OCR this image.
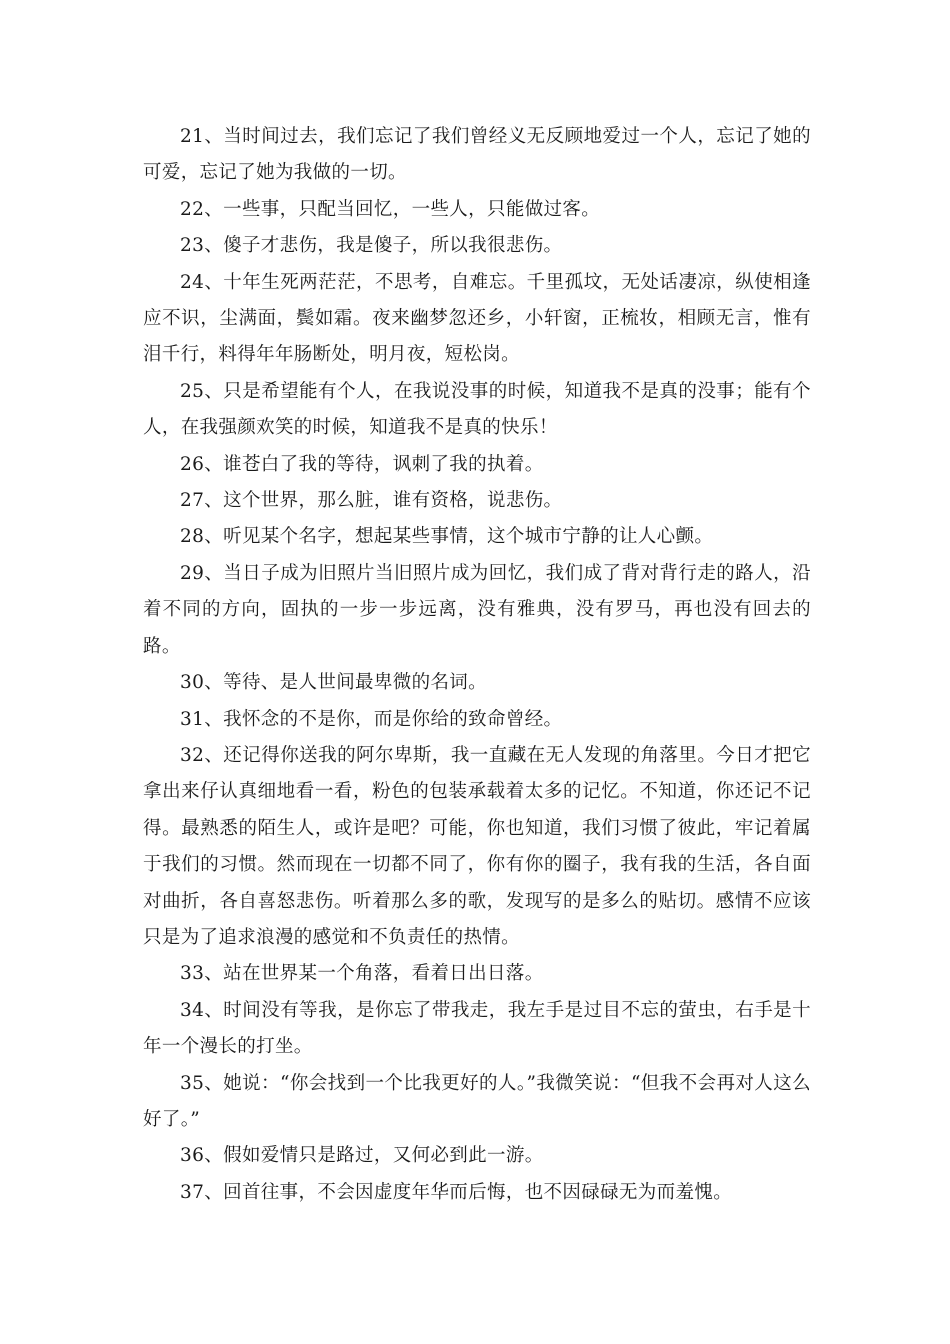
21、当时间过去，我们忘记了我们曾经义无反顾地爱过一个人，忘记了她的可爱，忘记了她为我做的一切。

22、一些事，只配当回忆，一些人，只能做过客。

23、傻子才悲伤，我是傻子，所以我很悲伤。

24、十年生死两茫茫，不思考，自难忘。千里孤坟，无处话凄凉，纵使相逢应不识，尘满面，鬓如霜。夜来幽梦忽还乡，小轩窗，正梳妆，相顾无言，惟有泪千行，料得年年肠断处，明月夜，短松岗。

25、只是希望能有个人，在我说没事的时候，知道我不是真的没事；能有个人，在我强颜欢笑的时候，知道我不是真的快乐！

26、谁苍白了我的等待，讽刺了我的执着。

27、这个世界，那么脏，谁有资格，说悲伤。

28、听见某个名字，想起某些事情，这个城市宁静的让人心颤。

29、当日子成为旧照片当旧照片成为回忆，我们成了背对背行走的路人，沿着不同的方向，固执的一步一步远离，没有雅典，没有罗马，再也没有回去的路。

30、等待、是人世间最卑微的名词。

31、我怀念的不是你，而是你给的致命曾经。

32、还记得你送我的阿尔卑斯，我一直藏在无人发现的角落里。今日才把它拿出来仔认真细地看一看，粉色的包装承载着太多的记忆。不知道，你还记不记得。最熟悉的陌生人，或许是吧？可能，你也知道，我们习惯了彼此，牢记着属于我们的习惯。然而现在一切都不同了，你有你的圈子，我有我的生活，各自面对曲折，各自喜怒悲伤。听着那么多的歌，发现写的是多么的贴切。感情不应该只是为了追求浪漫的感觉和不负责任的热情。

33、站在世界某一个角落，看着日出日落。

34、时间没有等我，是你忘了带我走，我左手是过目不忘的萤虫，右手是十年一个漫长的打坐。

35、她说：“你会找到一个比我更好的人。”我微笑说：“但我不会再对人这么好了。”

36、假如爱情只是路过，又何必到此一游。

37、回首往事，不会因虚度年华而后悔，也不因碌碌无为而羞愧。
